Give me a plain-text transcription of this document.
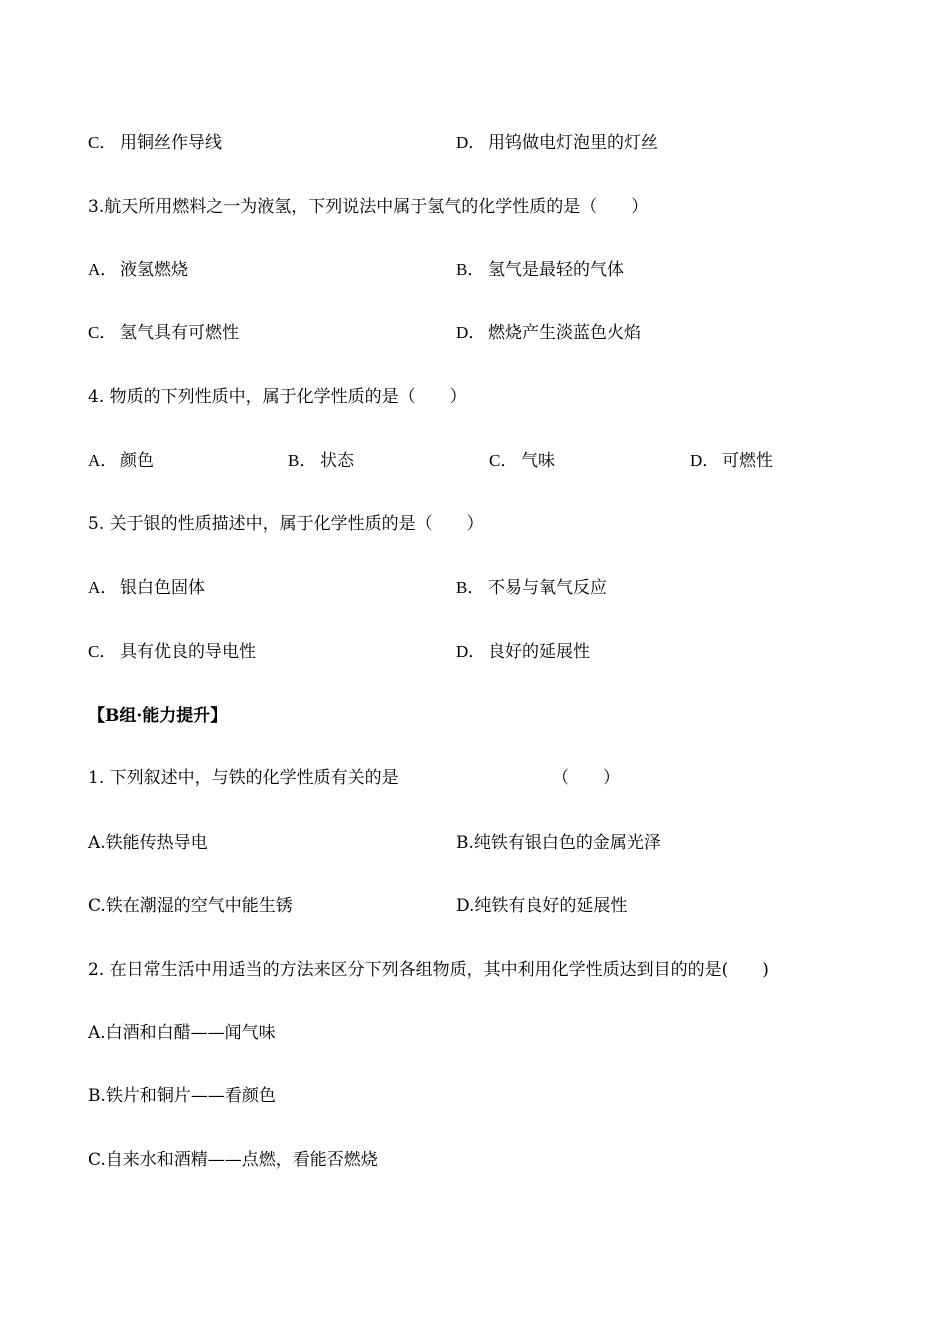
C． 用铜丝作导线	D． 用钨做电灯泡里的灯丝
3.航天所用燃料之一为液氢，下列说法中属于氢气的化学性质的是（　　）
A． 液氢燃烧	B． 氢气是最轻的气体
C． 氢气具有可燃性	D． 燃烧产生淡蓝色火焰
4. 物质的下列性质中，属于化学性质的是（　　）
A． 颜色	B． 状态	C． 气味	D． 可燃性
5. 关于银的性质描述中，属于化学性质的是（　　）
A． 银白色固体	B． 不易与氧气反应
C． 具有优良的导电性	D． 良好的延展性
【B组·能力提升】
1. 下列叙述中，与铁的化学性质有关的是	（　　）
A.铁能传热导电	B.纯铁有银白色的金属光泽
C.铁在潮湿的空气中能生锈	D.纯铁有良好的延展性
2. 在日常生活中用适当的方法来区分下列各组物质，其中利用化学性质达到目的的是(　　)
A.白酒和白醋——闻气味
B.铁片和铜片——看颜色
C.自来水和酒精——点燃，看能否燃烧
